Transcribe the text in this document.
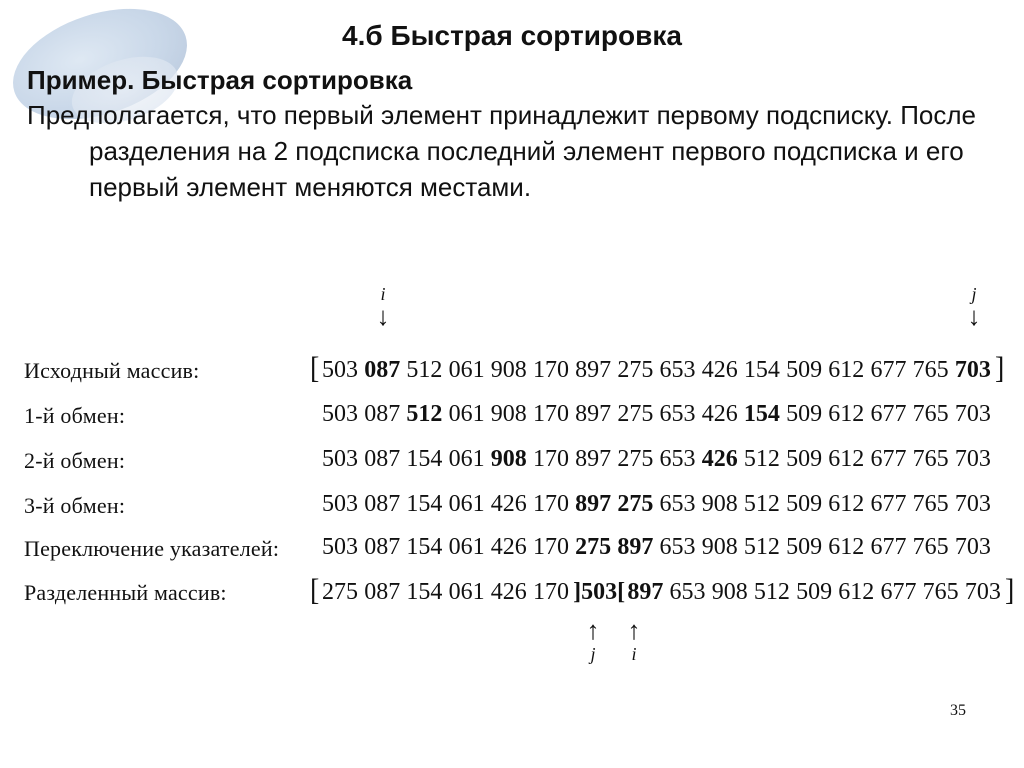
4.б Быстрая сортировка
Пример. Быстрая сортировка
Предполагается, что первый элемент принадлежит первому подсписку. После разделения на 2 подсписка последний элемент первого подсписка и его первый элемент меняются местами.
i
↓
j
↓
Исходный массив:	[ 503 087 512 061 908 170 897 275 653 426 154 509 612 677 765 703 ]
1-й обмен:	503 087 512 061 908 170 897 275 653 426 154 509 612 677 765 703
2-й обмен:	503 087 154 061 908 170 897 275 653 426 512 509 612 677 765 703
3-й обмен:	503 087 154 061 426 170 897 275 653 908 512 509 612 677 765 703
Переключение указателей:	503 087 154 061 426 170 275 897 653 908 512 509 612 677 765 703
Разделенный массив:	[ 275 087 154 061 426 170 ]503[897 653 908 512 509 612 677 765 703 ]
↑
j
↑
i
35
